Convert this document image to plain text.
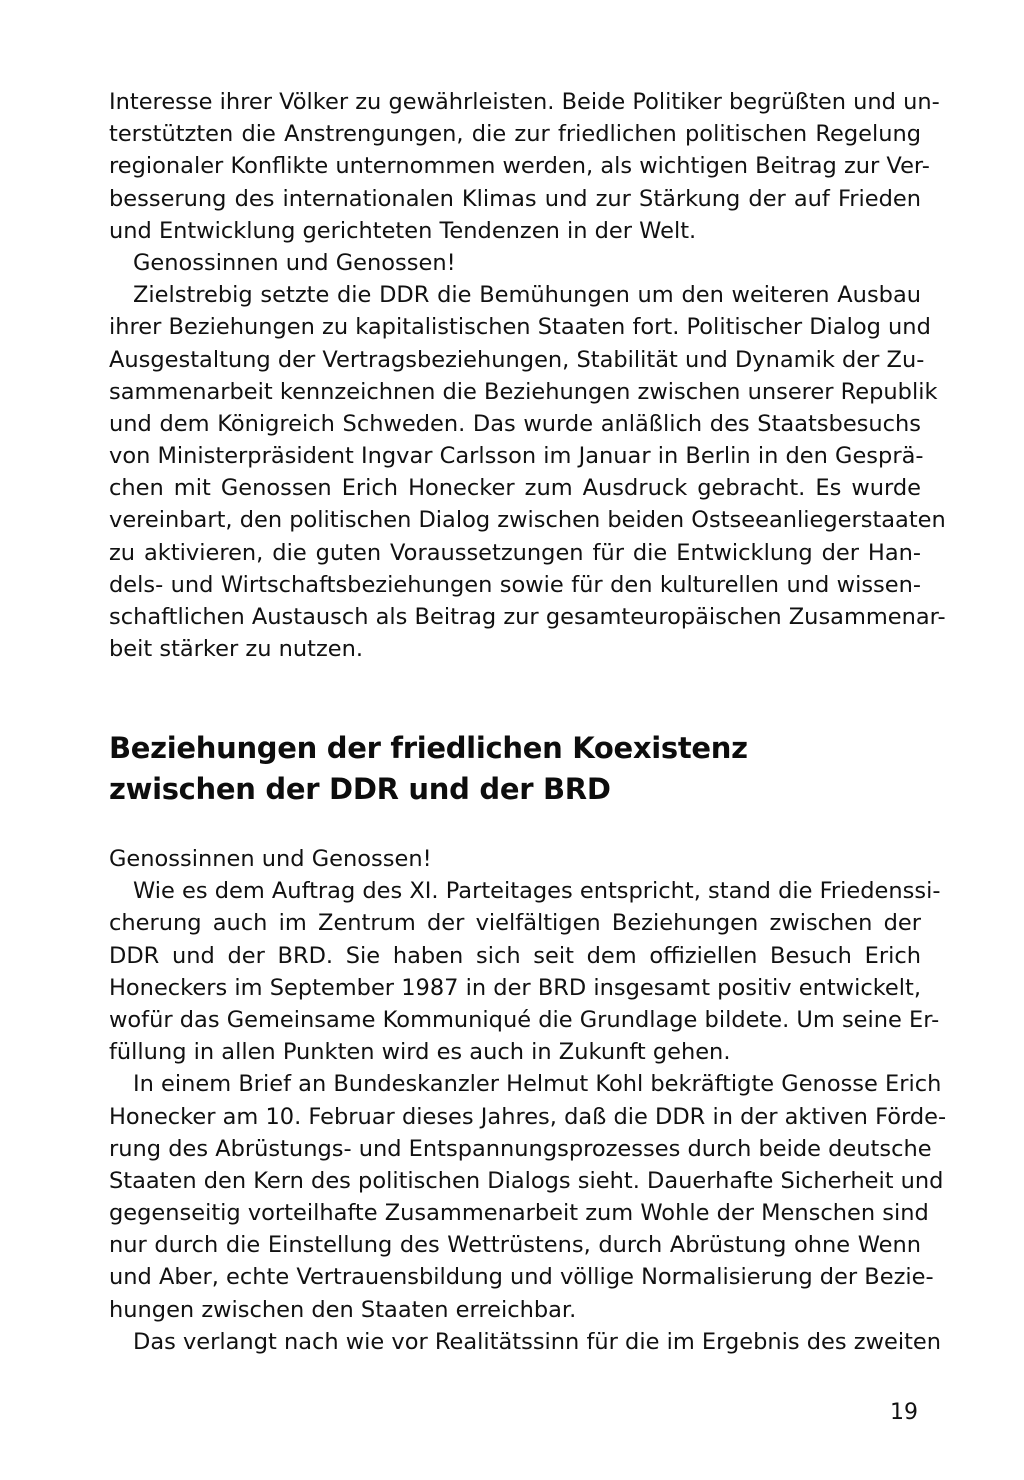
Interesse ihrer Völker zu gewährleisten. Beide Politiker begrüßten und un-
terstützten die Anstrengungen, die zur friedlichen politischen Regelung
regionaler Konflikte unternommen werden, als wichtigen Beitrag zur Ver-
besserung des internationalen Klimas und zur Stärkung der auf Frieden
und Entwicklung gerichteten Tendenzen in der Welt.
Genossinnen und Genossen!
Zielstrebig setzte die DDR die Bemühungen um den weiteren Ausbau
ihrer Beziehungen zu kapitalistischen Staaten fort. Politischer Dialog und
Ausgestaltung der Vertragsbeziehungen, Stabilität und Dynamik der Zu-
sammenarbeit kennzeichnen die Beziehungen zwischen unserer Republik
und dem Königreich Schweden. Das wurde anläßlich des Staatsbesuchs
von Ministerpräsident Ingvar Carlsson im Januar in Berlin in den Gesprä-
chen mit Genossen Erich Honecker zum Ausdruck gebracht. Es wurde
vereinbart, den politischen Dialog zwischen beiden Ostseeanliegerstaaten
zu aktivieren, die guten Voraussetzungen für die Entwicklung der Han-
dels- und Wirtschaftsbeziehungen sowie für den kulturellen und wissen-
schaftlichen Austausch als Beitrag zur gesamteuropäischen Zusammenar-
beit stärker zu nutzen.
Beziehungen der friedlichen Koexistenz
zwischen der DDR und der BRD
Genossinnen und Genossen!
Wie es dem Auftrag des XI. Parteitages entspricht, stand die Friedenssi-
cherung auch im Zentrum der vielfältigen Beziehungen zwischen der
DDR und der BRD. Sie haben sich seit dem offiziellen Besuch Erich
Honeckers im September 1987 in der BRD insgesamt positiv entwickelt,
wofür das Gemeinsame Kommuniqué die Grundlage bildete. Um seine Er-
füllung in allen Punkten wird es auch in Zukunft gehen.
In einem Brief an Bundeskanzler Helmut Kohl bekräftigte Genosse Erich
Honecker am 10. Februar dieses Jahres, daß die DDR in der aktiven Förde-
rung des Abrüstungs- und Entspannungsprozesses durch beide deutsche
Staaten den Kern des politischen Dialogs sieht. Dauerhafte Sicherheit und
gegenseitig vorteilhafte Zusammenarbeit zum Wohle der Menschen sind
nur durch die Einstellung des Wettrüstens, durch Abrüstung ohne Wenn
und Aber, echte Vertrauensbildung und völlige Normalisierung der Bezie-
hungen zwischen den Staaten erreichbar.
Das verlangt nach wie vor Realitätssinn für die im Ergebnis des zweiten
19
